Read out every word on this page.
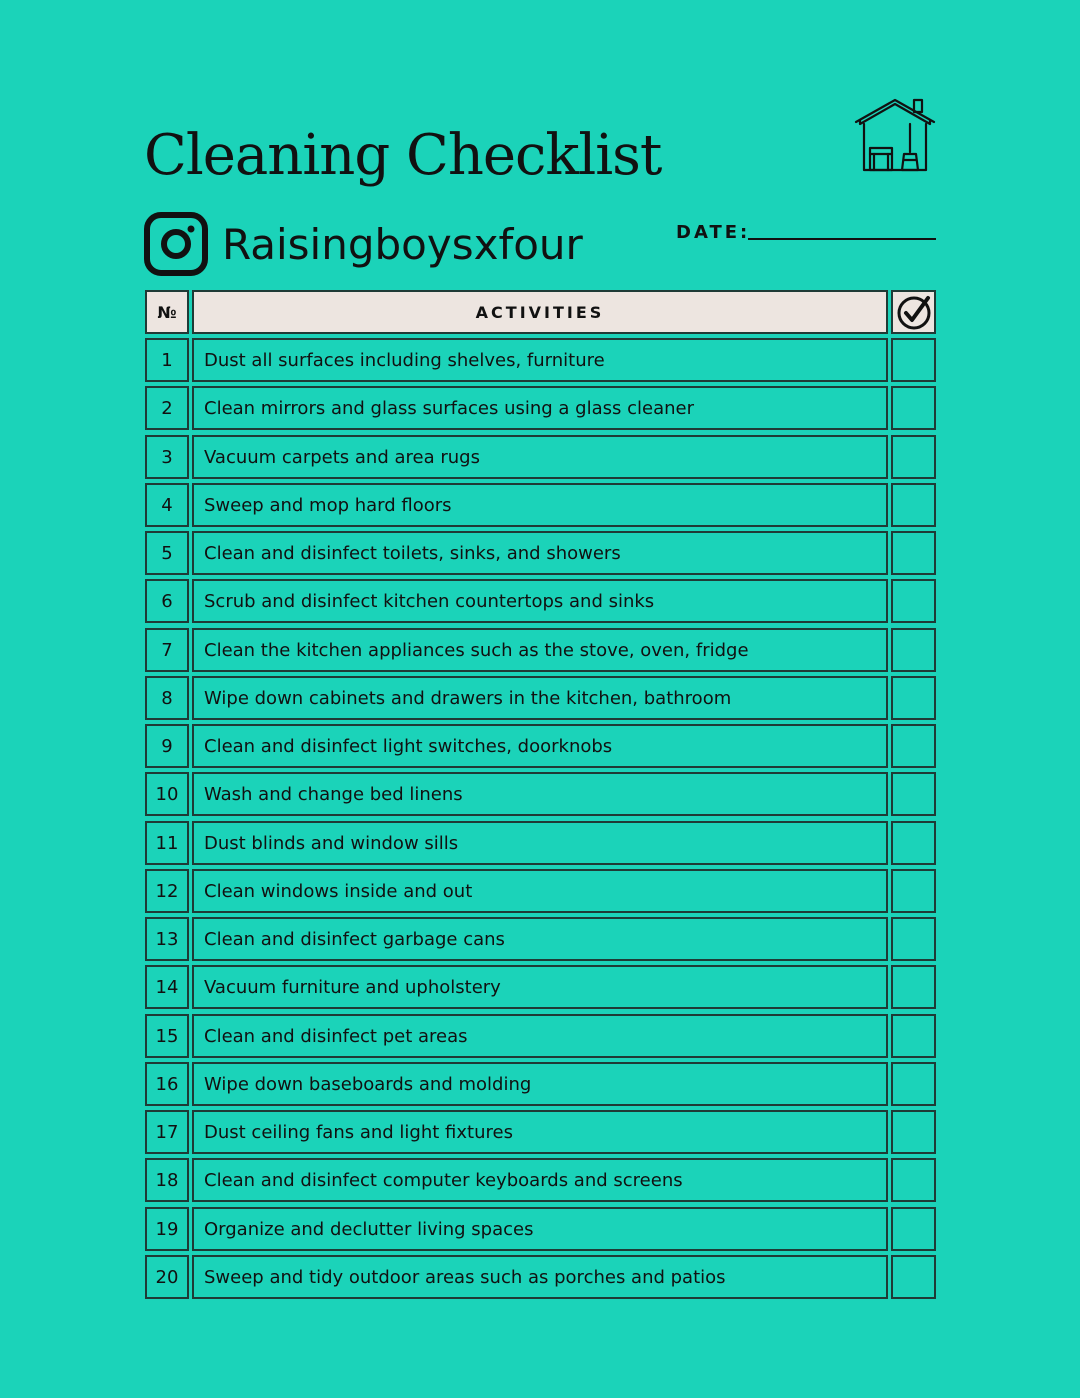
Cleaning Checklist
Raisingboysxfour	DATE:
№	ACTIVITIES
1	Dust all surfaces including shelves, furniture
2	Clean mirrors and glass surfaces using a glass cleaner
3	Vacuum carpets and area rugs
4	Sweep and mop hard floors
5	Clean and disinfect toilets, sinks, and showers
6	Scrub and disinfect kitchen countertops and sinks
7	Clean the kitchen appliances such as the stove, oven, fridge
8	Wipe down cabinets and drawers in the kitchen, bathroom
9	Clean and disinfect light switches, doorknobs
10	Wash and change bed linens
11	Dust blinds and window sills
12	Clean windows inside and out
13	Clean and disinfect garbage cans
14	Vacuum furniture and upholstery
15	Clean and disinfect pet areas
16	Wipe down baseboards and molding
17	Dust ceiling fans and light fixtures
18	Clean and disinfect computer keyboards and screens
19	Organize and declutter living spaces
20	Sweep and tidy outdoor areas such as porches and patios
